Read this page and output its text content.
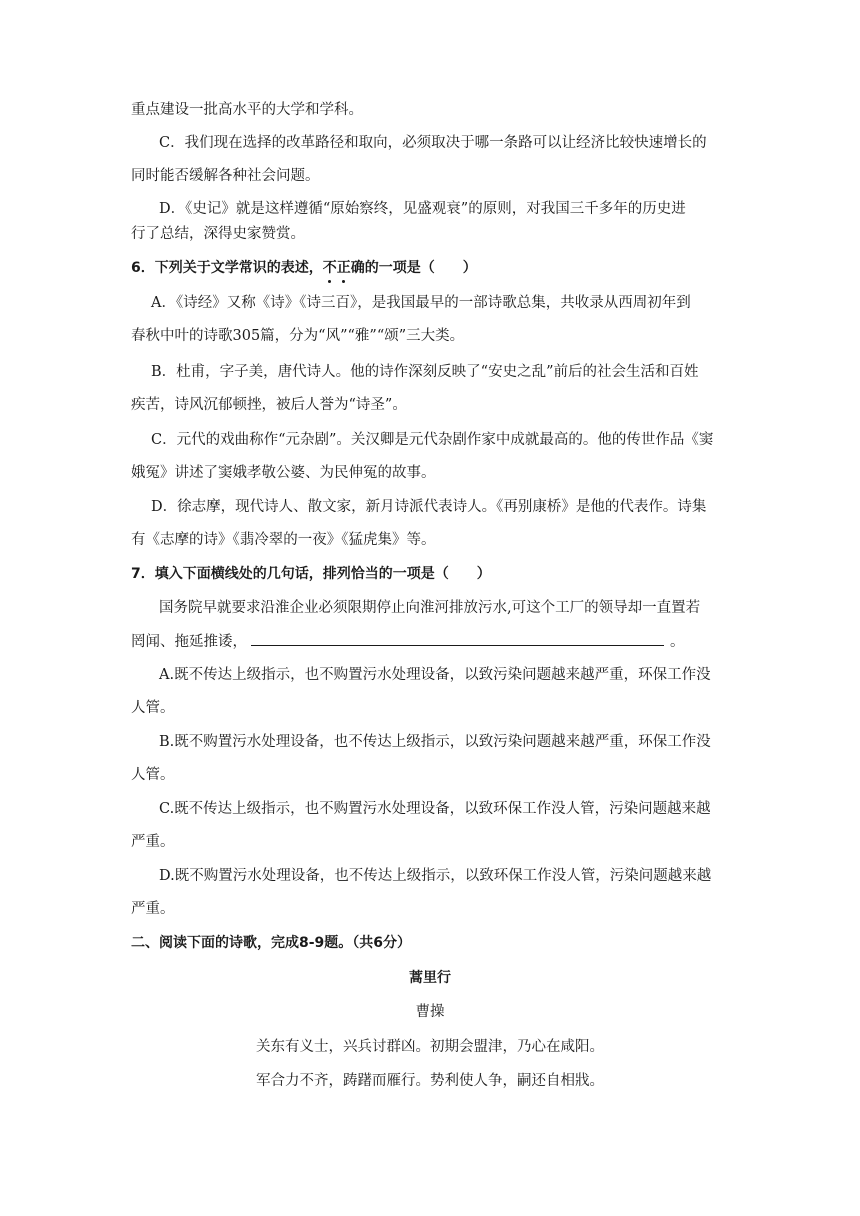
重点建设一批高水平的大学和学科。
C．我们现在选择的改革路径和取向，必须取决于哪一条路可以让经济比较快速增长的
同时能否缓解各种社会问题。
D．《史记》就是这样遵循“原始察终，见盛观衰”的原则，对我国三千多年的历史进
行了总结，深得史家赞赏。
6．下列关于文学常识的表述，不正确的一项是（　　）
A．《诗经》又称《诗》《诗三百》，是我国最早的一部诗歌总集，共收录从西周初年到
春秋中叶的诗歌305篇，分为“风”“雅”“颂”三大类。
B．杜甫，字子美，唐代诗人。他的诗作深刻反映了“安史之乱”前后的社会生活和百姓
疾苦，诗风沉郁顿挫，被后人誉为“诗圣”。
C．元代的戏曲称作“元杂剧”。关汉卿是元代杂剧作家中成就最高的。他的传世作品《窦
娥冤》讲述了窦娥孝敬公婆、为民伸冤的故事。
D．徐志摩，现代诗人、散文家，新月诗派代表诗人。《再别康桥》是他的代表作。诗集
有《志摩的诗》《翡冷翠的一夜》《猛虎集》等。
7．填入下面横线处的几句话，排列恰当的一项是（　　）
国务院早就要求沿淮企业必须限期停止向淮河排放污水,可这个工厂的领导却一直置若
罔闻、拖延推诿，	。
A.既不传达上级指示，也不购置污水处理设备，以致污染问题越来越严重，环保工作没
人管。
B.既不购置污水处理设备，也不传达上级指示，以致污染问题越来越严重，环保工作没
人管。
C.既不传达上级指示，也不购置污水处理设备，以致环保工作没人管，污染问题越来越
严重。
D.既不购置污水处理设备，也不传达上级指示，以致环保工作没人管，污染问题越来越
严重。
二、阅读下面的诗歌，完成8-9题。（共6分）
蒿里行
曹操
关东有义士，兴兵讨群凶。初期会盟津，乃心在咸阳。
军合力不齐，踌躇而雁行。势利使人争，嗣还自相戕。
